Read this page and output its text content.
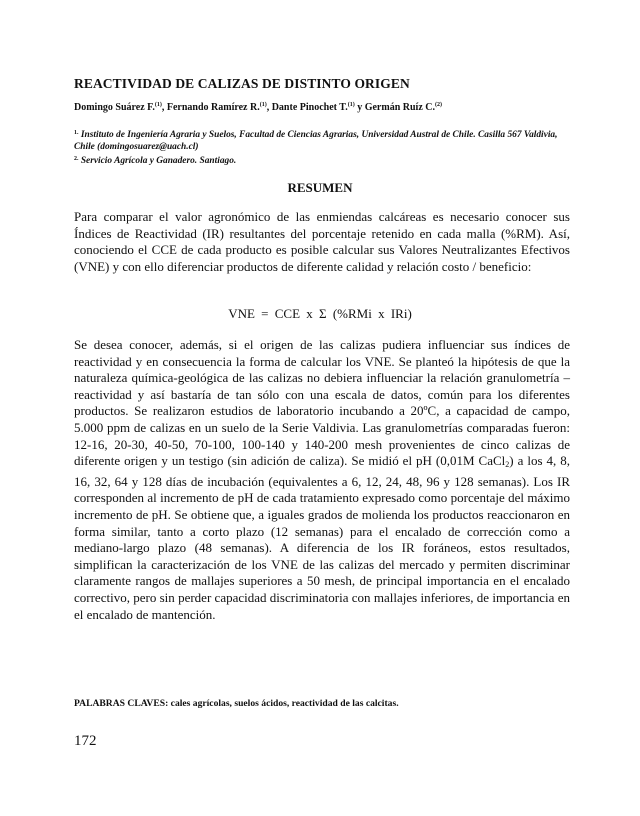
REACTIVIDAD DE CALIZAS DE DISTINTO ORIGEN
Domingo Suárez F.$^{(1)}$, Fernando Ramírez R.$^{(1)}$, Dante Pinochet T.$^{(1)}$ y Germán Ruíz C.$^{(2)}$

$^{1.}$ Instituto de Ingeniería Agraria y Suelos, Facultad de Ciencias Agrarias, Universidad Austral de Chile. Casilla 567 Valdivia, Chile (domingosuarez@uach.cl)

$^{2.}$ Servicio Agrícola y Ganadero. Santiago.

RESUMEN

Para comparar el valor agronómico de las enmiendas calcáreas es necesario conocer sus Índices de Reactividad (IR) resultantes del porcentaje retenido en cada malla (%RM). Así, conociendo el CCE de cada producto es posible calcular sus Valores Neutralizantes Efectivos (VNE) y con ello diferenciar productos de diferente calidad y relación costo / beneficio:

VNE = CCE x Σ (%RMi x IRi)

Se desea conocer, además, si el origen de las calizas pudiera influenciar sus índices de reactividad y en consecuencia la forma de calcular los VNE. Se planteó la hipótesis de que la naturaleza química-geológica de las calizas no debiera influenciar la relación granulometría – reactividad y así bastaría de tan sólo con una escala de datos, común para los diferentes productos. Se realizaron estudios de laboratorio incubando a 20ºC, a capacidad de campo, 5.000 ppm de calizas en un suelo de la Serie Valdivia. Las granulometrías comparadas fueron: 12-16, 20-30, 40-50, 70-100, 100-140 y 140-200 mesh provenientes de cinco calizas de diferente origen y un testigo (sin adición de caliza). Se midió el pH (0,01M CaCl$_2$) a los 4, 8, 16, 32, 64 y 128 días de incubación (equivalentes a 6, 12, 24, 48, 96 y 128 semanas). Los IR corresponden al incremento de pH de cada tratamiento expresado como porcentaje del máximo incremento de pH. Se obtiene que, a iguales grados de molienda los productos reaccionaron en forma similar, tanto a corto plazo (12 semanas) para el encalado de corrección como a mediano-largo plazo (48 semanas). A diferencia de los IR foráneos, estos resultados, simplifican la caracterización de los VNE de las calizas del mercado y permiten discriminar claramente rangos de mallajes superiores a 50 mesh, de principal importancia en el encalado correctivo, pero sin perder capacidad discriminatoria con mallajes inferiores, de importancia en el encalado de mantención.

PALABRAS CLAVES: cales agrícolas, suelos ácidos, reactividad de las calcitas.
172
